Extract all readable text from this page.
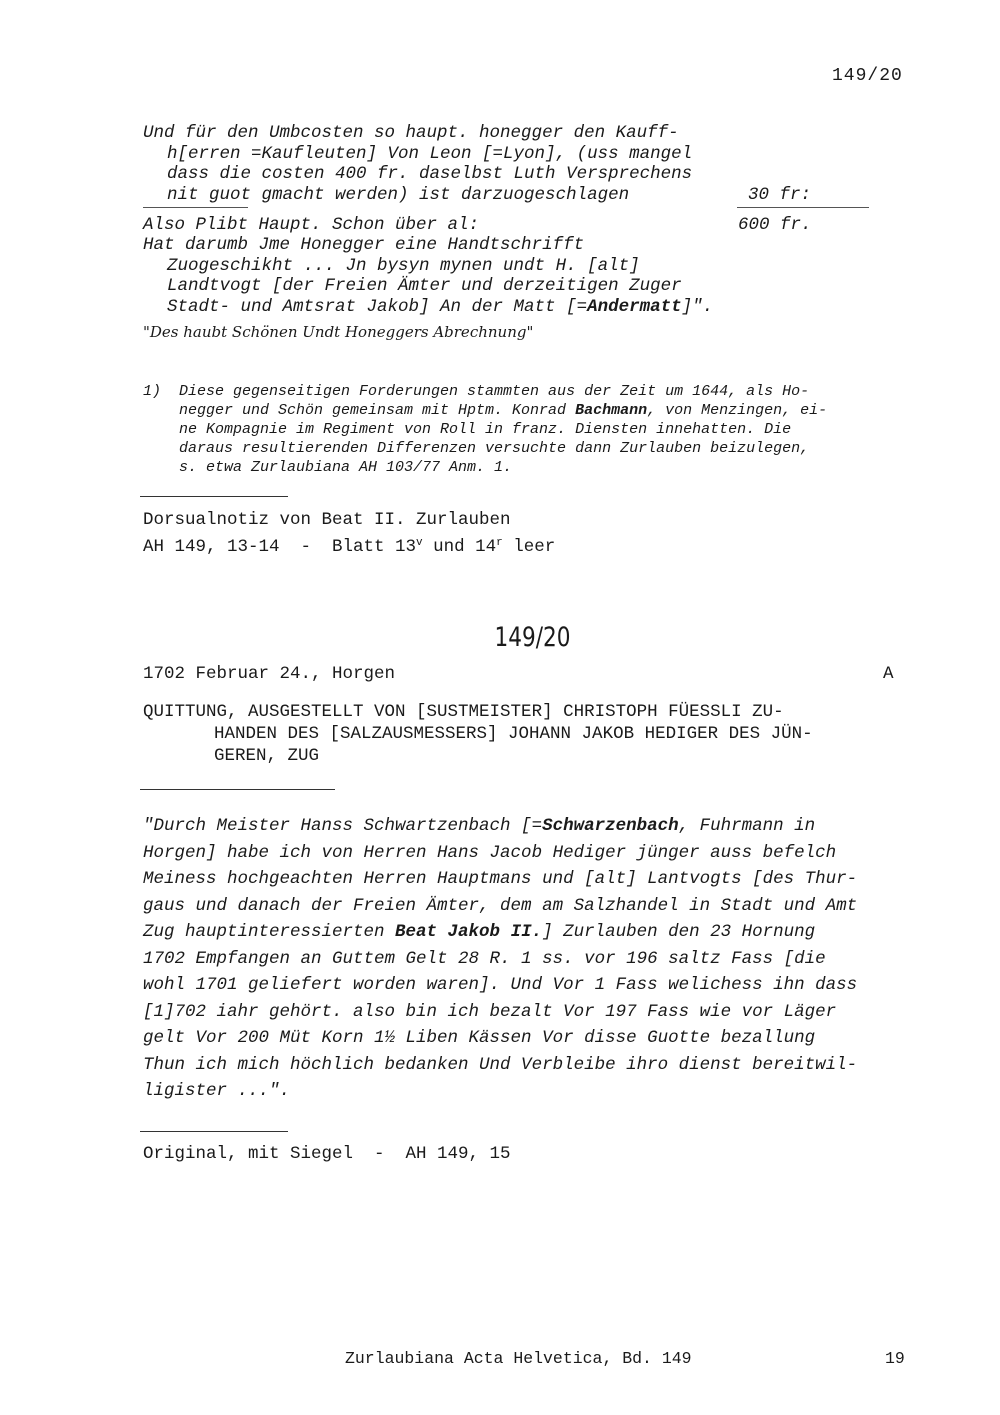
149/20
Und für den Umbcosten so haupt. honegger den Kauff-
h[erren =Kaufleuten] Von Leon [=Lyon], (uss mangel
dass die costen 400 fr. daselbst Luth Versprechens
nit guot gmacht werden) ist darzuogeschlagen	30 fr:
Also Plibt Haupt. Schon über al:	600 fr.
Hat darumb Jme Honegger eine Handtschrifft
Zuogeschikht ... Jn bysyn mynen undt H. [alt]
Landtvogt [der Freien Ämter und derzeitigen Zuger
Stadt- und Amtsrat Jakob] An der Matt [=Andermatt]".
"Des haubt Schönen Undt Honeggers Abrechnung"
1) Diese gegenseitigen Forderungen stammten aus der Zeit um 1644, als Ho-
negger und Schön gemeinsam mit Hptm. Konrad Bachmann, von Menzingen, ei-
ne Kompagnie im Regiment von Roll in franz. Diensten innehatten. Die
daraus resultierenden Differenzen versuchte dann Zurlauben beizulegen,
s. etwa Zurlaubiana AH 103/77 Anm. 1.
Dorsualnotiz von Beat II. Zurlauben
AH 149, 13-14  -  Blatt 13$^v$ und 14$^r$ leer

149/20

1702 Februar 24., Horgen	A
QUITTUNG, AUSGESTELLT VON [SUSTMEISTER] CHRISTOPH FÜESSLI ZU-
HANDEN DES [SALZAUSMESSERS] JOHANN JAKOB HEDIGER DES JÜN-
GEREN, ZUG
"Durch Meister Hanss Schwartzenbach [=Schwarzenbach, Fuhrmann in
Horgen] habe ich von Herren Hans Jacob Hediger jünger auss befelch
Meiness hochgeachten Herren Hauptmans und [alt] Lantvogts [des Thur-
gaus und danach der Freien Ämter, dem am Salzhandel in Stadt und Amt
Zug hauptinteressierten Beat Jakob II.] Zurlauben den 23 Hornung
1702 Empfangen an Guttem Gelt 28 R. 1 ss. vor 196 saltz Fass [die
wohl 1701 geliefert worden waren]. Und Vor 1 Fass welichess ihn dass
[1]702 iahr gehört. also bin ich bezalt Vor 197 Fass wie vor Läger
gelt Vor 200 Müt Korn 1½ Liben Kässen Vor disse Guotte bezallung
Thun ich mich höchlich bedanken Und Verbleibe ihro dienst bereitwil-
ligister ...".
Original, mit Siegel  -  AH 149, 15
Zurlaubiana Acta Helvetica, Bd. 149	19
